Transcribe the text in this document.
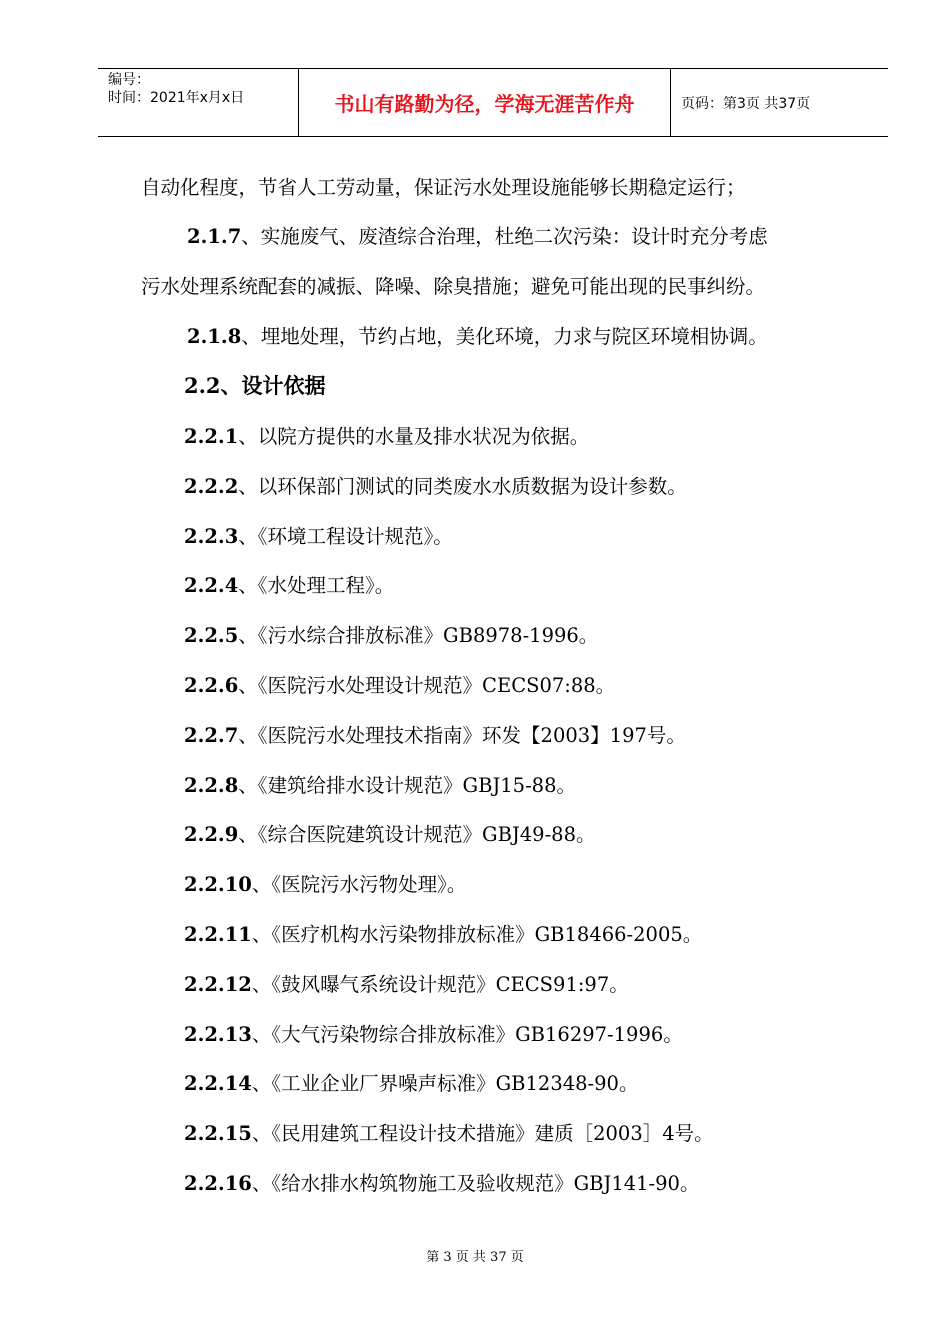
编号：
时间：2021年x月x日	书山有路勤为径，学海无涯苦作舟	页码：第3页 共37页
自动化程度，节省人工劳动量，保证污水处理设施能够长期稳定运行；
2.1.7、实施废气、废渣综合治理，杜绝二次污染：设计时充分考虑
污水处理系统配套的减振、降噪、除臭措施；避免可能出现的民事纠纷。
2.1.8、埋地处理，节约占地，美化环境，力求与院区环境相协调。
2.2、设计依据
2.2.1、以院方提供的水量及排水状况为依据。
2.2.2、以环保部门测试的同类废水水质数据为设计参数。
2.2.3、《环境工程设计规范》。
2.2.4、《水处理工程》。
2.2.5、《污水综合排放标准》GB8978-1996。
2.2.6、《医院污水处理设计规范》CECS07:88。
2.2.7、《医院污水处理技术指南》环发【2003】197号。
2.2.8、《建筑给排水设计规范》GBJ15-88。
2.2.9、《综合医院建筑设计规范》GBJ49-88。
2.2.10、《医院污水污物处理》。
2.2.11、《医疗机构水污染物排放标准》GB18466-2005。
2.2.12、《鼓风曝气系统设计规范》CECS91:97。
2.2.13、《大气污染物综合排放标准》GB16297-1996。
2.2.14、《工业企业厂界噪声标准》GB12348-90。
2.2.15、《民用建筑工程设计技术措施》建质［2003］4号。
2.2.16、《给水排水构筑物施工及验收规范》GBJ141-90。
第 3 页 共 37 页
